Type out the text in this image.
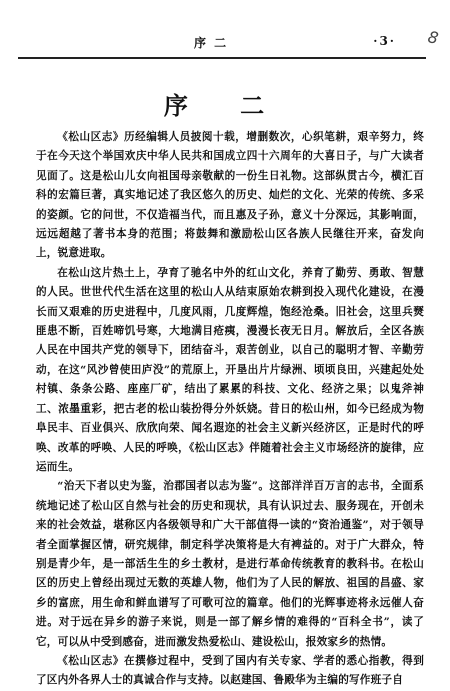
序 二	·3· 8
序 二

《松山区志》历经编辑人员披阅十载，增删数次，心织笔耕，艰辛努力，终于在今天这个举国欢庆中华人民共和国成立四十六周年的大喜日子，与广大读者见面了。这是松山儿女向祖国母亲敬献的一份生日礼物。这部纵贯古今，横汇百科的宏篇巨著，真实地记述了我区悠久的历史、灿烂的文化、光荣的传统、多采的姿颜。它的问世，不仅造福当代，而且惠及子孙，意义十分深远，其影响面，远远超越了著书本身的范围；将鼓舞和激励松山区各族人民继往开来，奋发向上，锐意进取。

在松山这片热土上，孕育了驰名中外的红山文化，养育了勤劳、勇敢、智慧的人民。世世代代生活在这里的松山人从结束原始农耕到投入现代化建设，在漫长而又艰难的历史进程中，几度风雨，几度辉煌，饱经沧桑。旧社会，这里兵燹匪患不断，百姓啼饥号寒，大地满目疮痍，漫漫长夜无日月。解放后，全区各族人民在中国共产党的领导下，团结奋斗，艰苦创业，以自己的聪明才智、辛勤劳动，在这“风沙曾使田庐没”的荒原上，开垦出片片绿洲、顷顷良田，兴建起处处村镇、条条公路、座座厂矿，结出了累累的科技、文化、经济之果；以鬼斧神工、浓墨重彩，把古老的松山装扮得分外妖娆。昔日的松山州，如今已经成为物阜民丰、百业俱兴、欣欣向荣、闻名遐迩的社会主义新兴经济区，正是时代的呼唤、改革的呼唤、人民的呼唤，《松山区志》伴随着社会主义市场经济的旋律，应运而生。

“治天下者以史为鉴，治郡国者以志为鉴”。这部洋洋百万言的志书，全面系统地记述了松山区自然与社会的历史和现状，具有认识过去、服务现在，开创未来的社会效益，堪称区内各级领导和广大干部值得一读的“资治通鉴”，对于领导者全面掌握区情，研究规律，制定科学决策将是大有裨益的。对于广大群众，特别是青少年，是一部活生生的乡土教材，是进行革命传统教育的教科书。在松山区的历史上曾经出现过无数的英雄人物，他们为了人民的解放、祖国的昌盛、家乡的富庶，用生命和鲜血谱写了可歌可泣的篇章。他们的光辉事迹将永远催人奋进。对于远在异乡的游子来说，则是一部了解乡情的难得的“百科全书”，读了它，可以从中受到感奋，进而激发热爱松山、建设松山，报效家乡的热情。

《松山区志》在撰修过程中，受到了国内有关专家、学者的悉心指教，得到了区内外各界人士的真诚合作与支持。以赵建国、鲁殿华为主编的写作班子自
